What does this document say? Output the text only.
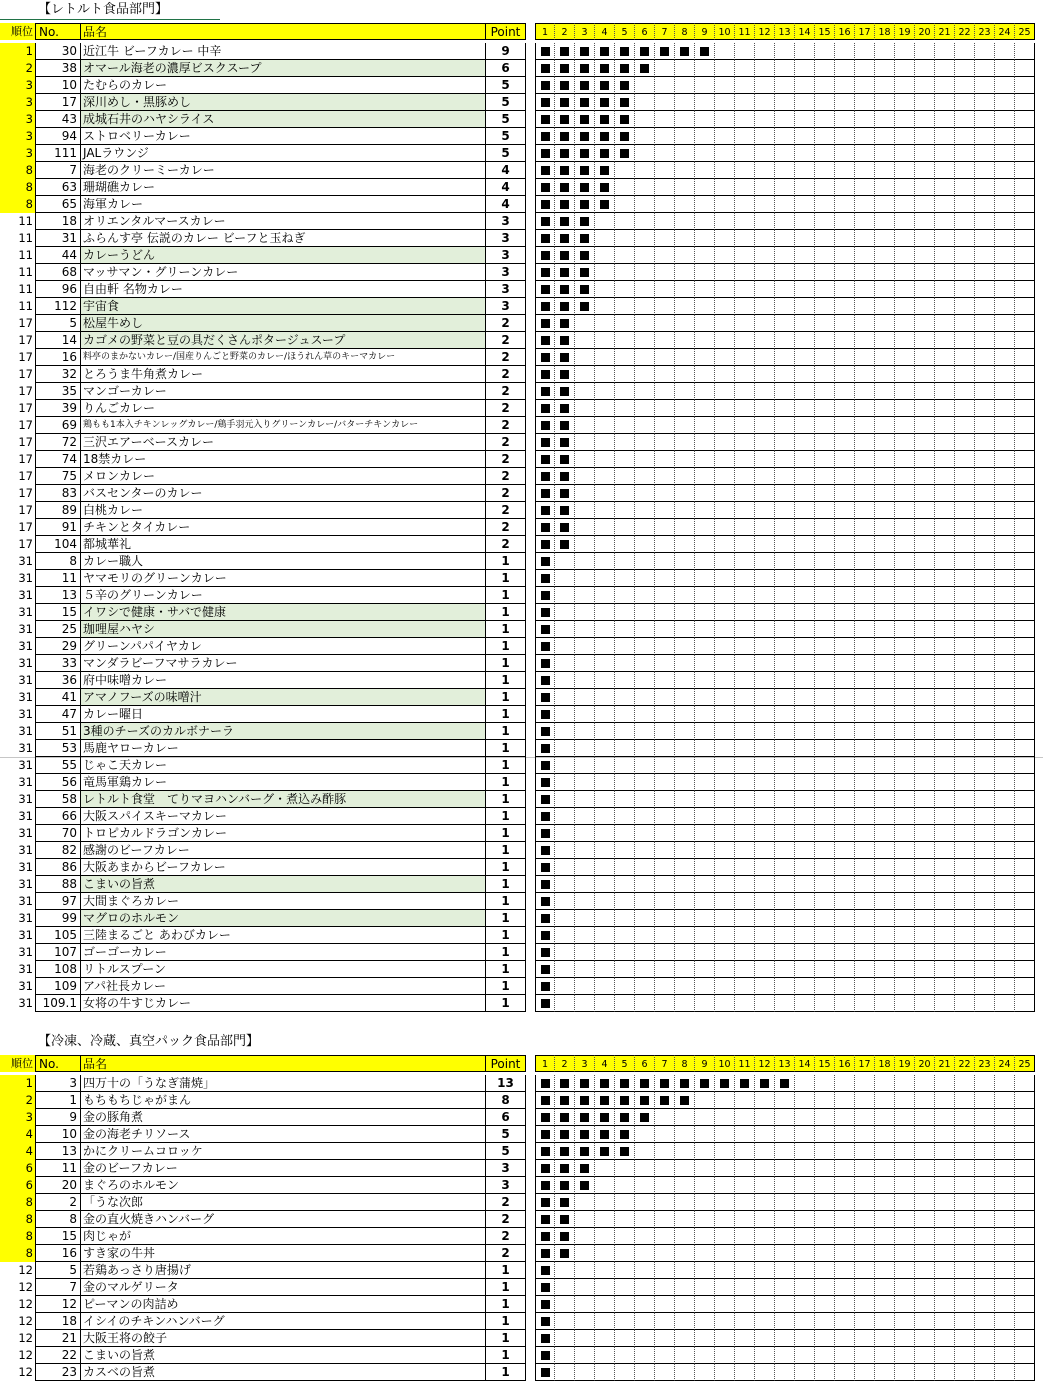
【レトルト食品部門】
【冷凍、冷蔵、真空パック食品部門】
順位 No.	品名	Point	1	2	3	4	5	6	7	8	9	10 11 12 13 14 15 16 17 18 19 20 21 22 23 24 25
1	30 近江牛 ビーフカレー 中辛	9
2	38 オマール海老の濃厚ビスクスープ	6
3	10 たむらのカレー	5
3	17 深川めし・黒豚めし	5
3	43 成城石井のハヤシライス	5
3	94 ストロベリーカレー	5
3	111 JALラウンジ	5
8	7 海老のクリーミーカレー	4
8	63 珊瑚礁カレー	4
8	65 海軍カレー	4
11	18 オリエンタルマースカレー	3
11	31 ふらんす亭 伝説のカレー ビーフと玉ねぎ	3
11	44 カレーうどん	3
11	68 マッサマン・グリーンカレー	3
11	96 自由軒 名物カレー	3
11	112 宇宙食	3
17	5 松屋牛めし	2
17	14 カゴメの野菜と豆の具だくさんポタージュスープ	2
17	16 料亭のまかないカレー/国産りんごと野菜のカレー/ほうれん草のキーマカレー	2
17	32 とろうま牛角煮カレー	2
17	35 マンゴーカレー	2
17	39 りんごカレー	2
17	69 鶏もも1本入チキンレッグカレー/鶏手羽元入りグリーンカレー/バターチキンカレー	2
17	72 三沢エアーベースカレー	2
17	74 18禁カレー	2
17	75 メロンカレー	2
17	83 バスセンターのカレー	2
17	89 白桃カレー	2
17	91 チキンとタイカレー	2
17	104 都城華礼	2
31	8 カレー職人	1
31	11 ヤマモリのグリーンカレー	1
31	13 ５辛のグリーンカレー	1
31	15 イワシで健康・サバで健康	1
31	25 珈哩屋ハヤシ	1
31	29 グリーンパパイヤカレ	1
31	33 マンダラビーフマサラカレー	1
31	36 府中味噌カレー	1
31	41 アマノフーズの味噌汁	1
31	47 カレー曜日	1
31	51 3種のチーズのカルボナーラ	1
31	53 馬鹿ヤローカレー	1
31	55 じゃこ天カレー	1
31	56 竜馬軍鶏カレー	1
31	58 レトルト食堂　てりマヨハンバーグ・煮込み酢豚	1
31	66 大阪スパイスキーマカレー	1
31	70 トロピカルドラゴンカレー	1
31	82 感謝のビーフカレー	1
31	86 大阪あまからビーフカレー	1
31	88 こまいの旨煮	1
31	97 大間まぐろカレー	1
31	99 マグロのホルモン	1
31	105 三陸まるごと あわびカレー	1
31	107 ゴーゴーカレー	1
31	108 リトルスプーン	1
31	109 アパ社長カレー	1
31 109.1 女将の牛すじカレー	1
順位 No.	品名	Point	1	2	3	4	5	6	7	8	9	10 11 12 13 14 15 16 17 18 19 20 21 22 23 24 25
1	3 四万十の「うなぎ蒲焼」	13
2	1 もちもちじゃがまん	8
3	9 金の豚角煮	6
4	10 金の海老チリソース	5
4	13 かにクリームコロッケ	5
6	11 金のビーフカレー	3
6	20 まぐろのホルモン	3
8	2 「うな次郎	2
8	8 金の直火焼きハンバーグ	2
8	15 肉じゃが	2
8	16 すき家の牛丼	2
12	5 若鶏あっさり唐揚げ	1
12	7 金のマルゲリータ	1
12	12 ピーマンの肉詰め	1
12	18 イシイのチキンハンバーグ	1
12	21 大阪王将の餃子	1
12	22 こまいの旨煮	1
12	23 カスベの旨煮	1
